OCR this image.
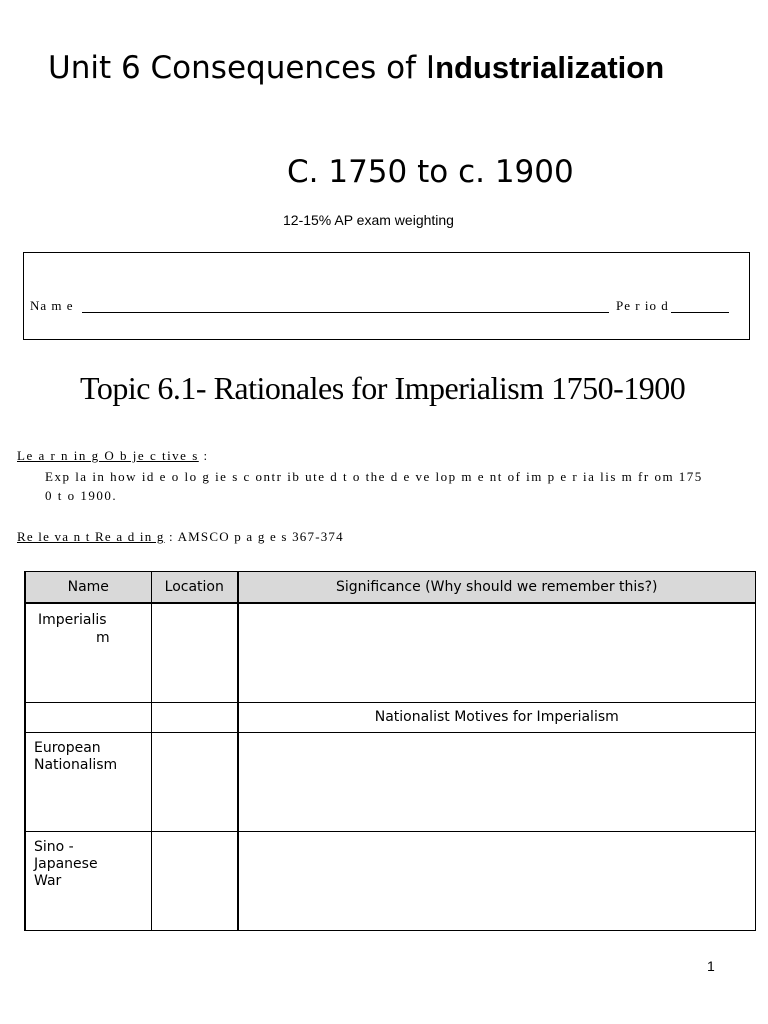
Unit 6 Consequences of Industrialization
C. 1750 to c. 1900
12-15% AP exam weighting
Na m e	Pe r io d
Topic 6.1- Rationales for Imperialism 1750-1900
Le a r n in g O b je c tive s :
Exp la in how id e o lo g ie s c ontr ib ute d t o the d e ve lop m e nt of im p e r ia lis m fr om 175 0 t o 1900.
Re le va n t Re a d in g : AMSCO p a g e s 367-374
Name	Location	Significance (Why should we remember this?)

Imperialis
m		

		Nationalist Motives for Imperialism

European
Nationalism		

Sino -
Japanese
War		

1
